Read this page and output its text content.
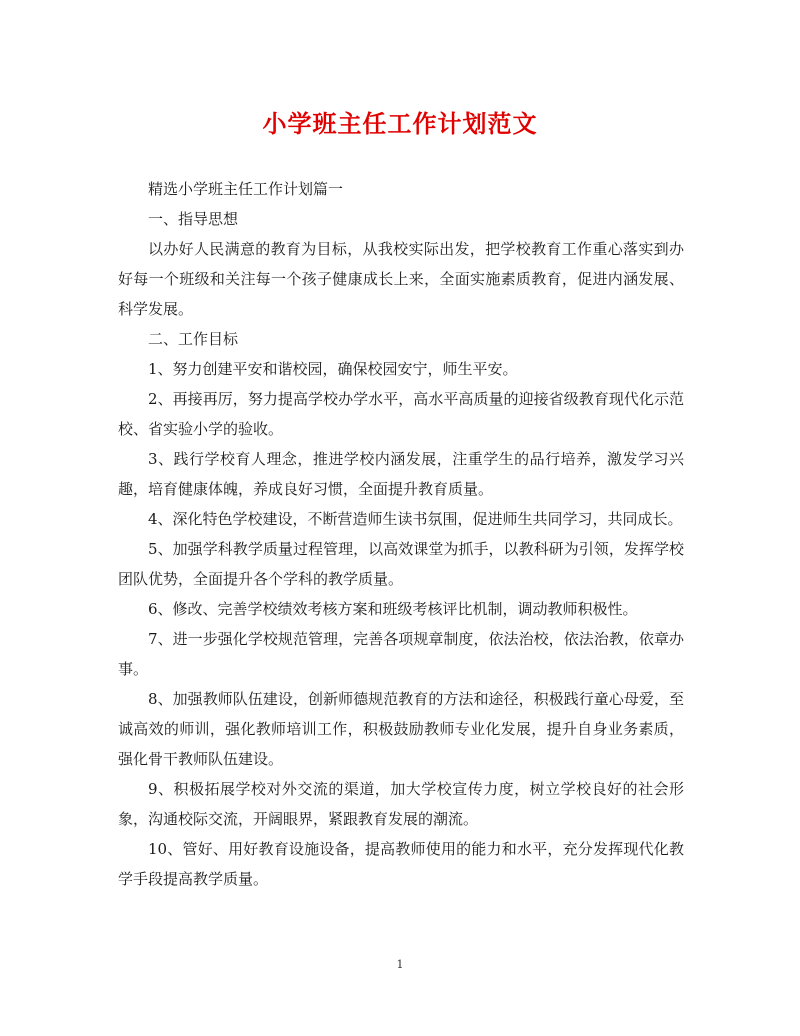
小学班主任工作计划范文

精选小学班主任工作计划篇一

一、指导思想

以办好人民满意的教育为目标，从我校实际出发，把学校教育工作重心落实到办好每一个班级和关注每一个孩子健康成长上来，全面实施素质教育，促进内涵发展、科学发展。

二、工作目标

1、努力创建平安和谐校园，确保校园安宁，师生平安。

2、再接再厉，努力提高学校办学水平，高水平高质量的迎接省级教育现代化示范校、省实验小学的验收。

3、践行学校育人理念，推进学校内涵发展，注重学生的品行培养，激发学习兴趣，培育健康体魄，养成良好习惯，全面提升教育质量。

4、深化特色学校建设，不断营造师生读书氛围，促进师生共同学习，共同成长。

5、加强学科教学质量过程管理，以高效课堂为抓手，以教科研为引领，发挥学校团队优势，全面提升各个学科的教学质量。

6、修改、完善学校绩效考核方案和班级考核评比机制，调动教师积极性。

7、进一步强化学校规范管理，完善各项规章制度，依法治校，依法治教，依章办事。

8、加强教师队伍建设，创新师德规范教育的方法和途径，积极践行童心母爱，至诚高效的师训，强化教师培训工作，积极鼓励教师专业化发展，提升自身业务素质，强化骨干教师队伍建设。

9、积极拓展学校对外交流的渠道，加大学校宣传力度，树立学校良好的社会形象，沟通校际交流，开阔眼界，紧跟教育发展的潮流。

10、管好、用好教育设施设备，提高教师使用的能力和水平，充分发挥现代化教学手段提高教学质量。

1
